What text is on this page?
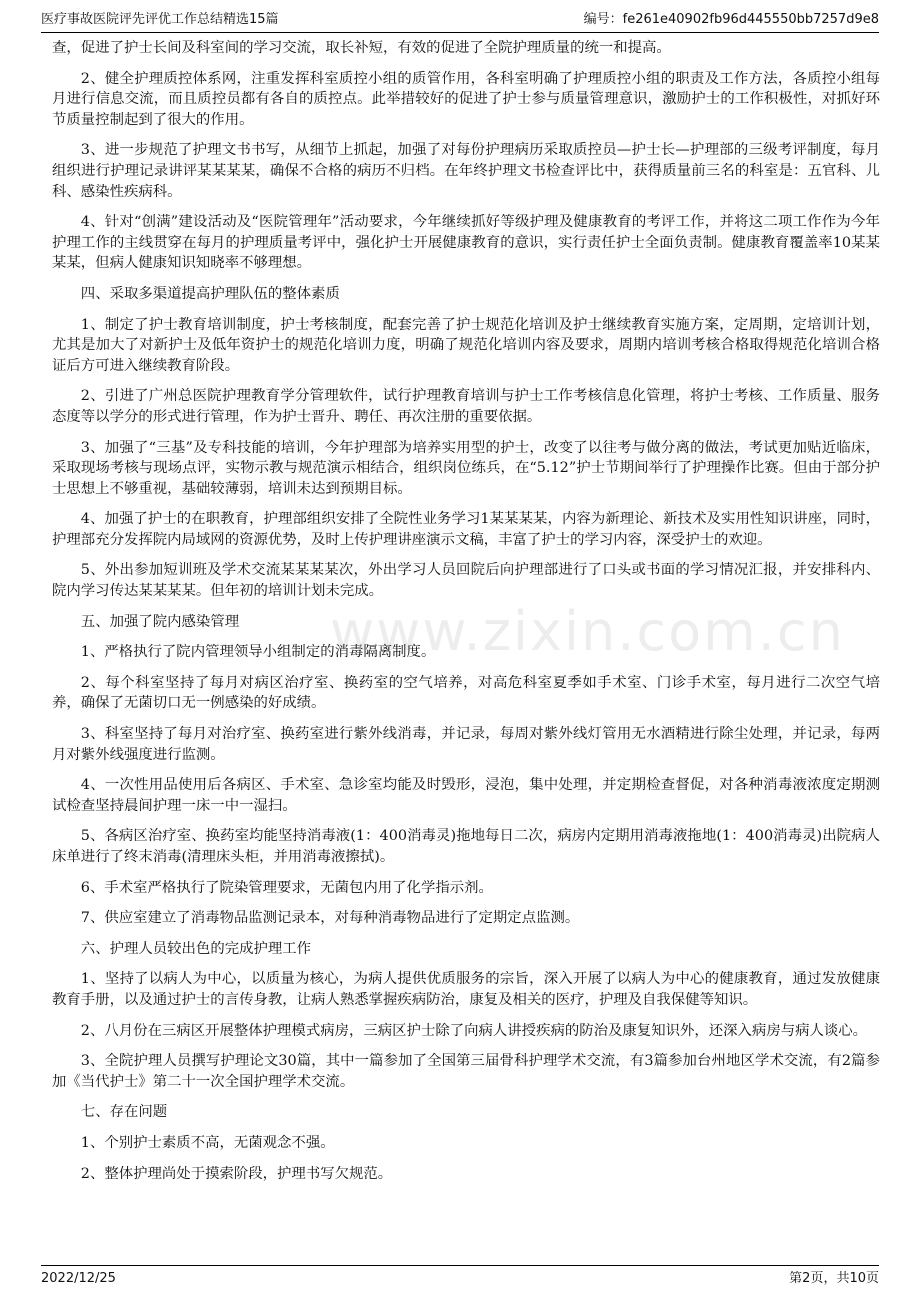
医疗事故医院评先评优工作总结精选15篇	编号：fe261e40902fb96d445550bb7257d9e8
www.zixin.com.cn

查，促进了护士长间及科室间的学习交流，取长补短，有效的促进了全院护理质量的统一和提高。

2、健全护理质控体系网，注重发挥科室质控小组的质管作用，各科室明确了护理质控小组的职责及工作方法，各质控小组每月进行信息交流，而且质控员都有各自的质控点。此举措较好的促进了护士参与质量管理意识，激励护士的工作积极性，对抓好环节质量控制起到了很大的作用。

3、进一步规范了护理文书书写，从细节上抓起，加强了对每份护理病历采取质控员—护士长—护理部的三级考评制度，每月组织进行护理记录讲评某某某某，确保不合格的病历不归档。在年终护理文书检查评比中，获得质量前三名的科室是：五官科、儿科、感染性疾病科。

4、针对“创满”建设活动及“医院管理年”活动要求，今年继续抓好等级护理及健康教育的考评工作，并将这二项工作作为今年护理工作的主线贯穿在每月的护理质量考评中，强化护士开展健康教育的意识，实行责任护士全面负责制。健康教育覆盖率10某某某某，但病人健康知识知晓率不够理想。

四、采取多渠道提高护理队伍的整体素质

1、制定了护士教育培训制度，护士考核制度，配套完善了护士规范化培训及护士继续教育实施方案，定周期，定培训计划，尤其是加大了对新护士及低年资护士的规范化培训力度，明确了规范化培训内容及要求，周期内培训考核合格取得规范化培训合格证后方可进入继续教育阶段。

2、引进了广州总医院护理教育学分管理软件，试行护理教育培训与护士工作考核信息化管理，将护士考核、工作质量、服务态度等以学分的形式进行管理，作为护士晋升、聘任、再次注册的重要依据。

3、加强了“三基”及专科技能的培训，今年护理部为培养实用型的护士，改变了以往考与做分离的做法，考试更加贴近临床，采取现场考核与现场点评，实物示教与规范演示相结合，组织岗位练兵，在“5.12”护士节期间举行了护理操作比赛。但由于部分护士思想上不够重视，基础较薄弱，培训未达到预期目标。

4、加强了护士的在职教育，护理部组织安排了全院性业务学习1某某某某，内容为新理论、新技术及实用性知识讲座，同时，护理部充分发挥院内局域网的资源优势，及时上传护理讲座演示文稿，丰富了护士的学习内容，深受护士的欢迎。

5、外出参加短训班及学术交流某某某某次，外出学习人员回院后向护理部进行了口头或书面的学习情况汇报，并安排科内、院内学习传达某某某某。但年初的培训计划未完成。

五、加强了院内感染管理

1、严格执行了院内管理领导小组制定的消毒隔离制度。

2、每个科室坚持了每月对病区治疗室、换药室的空气培养，对高危科室夏季如手术室、门诊手术室，每月进行二次空气培养，确保了无菌切口无一例感染的好成绩。

3、科室坚持了每月对治疗室、换药室进行紫外线消毒，并记录，每周对紫外线灯管用无水酒精进行除尘处理，并记录，每两月对紫外线强度进行监测。

4、一次性用品使用后各病区、手术室、急诊室均能及时毁形，浸泡，集中处理，并定期检查督促，对各种消毒液浓度定期测试检查坚持晨间护理一床一中一湿扫。

5、各病区治疗室、换药室均能坚持消毒液(1：400消毒灵)拖地每日二次，病房内定期用消毒液拖地(1：400消毒灵)出院病人床单进行了终末消毒(清理床头柜，并用消毒液擦拭)。

6、手术室严格执行了院染管理要求，无菌包内用了化学指示剂。

7、供应室建立了消毒物品监测记录本，对每种消毒物品进行了定期定点监测。

六、护理人员较出色的完成护理工作

1、坚持了以病人为中心，以质量为核心，为病人提供优质服务的宗旨，深入开展了以病人为中心的健康教育，通过发放健康教育手册，以及通过护士的言传身教，让病人熟悉掌握疾病防治，康复及相关的医疗，护理及自我保健等知识。

2、八月份在三病区开展整体护理模式病房，三病区护士除了向病人讲授疾病的防治及康复知识外，还深入病房与病人谈心。

3、全院护理人员撰写护理论文30篇，其中一篇参加了全国第三届骨科护理学术交流，有3篇参加台州地区学术交流，有2篇参加《当代护士》第二十一次全国护理学术交流。

七、存在问题

1、个别护士素质不高，无菌观念不强。

2、整体护理尚处于摸索阶段，护理书写欠规范。

2022/12/25	第2页，共10页
